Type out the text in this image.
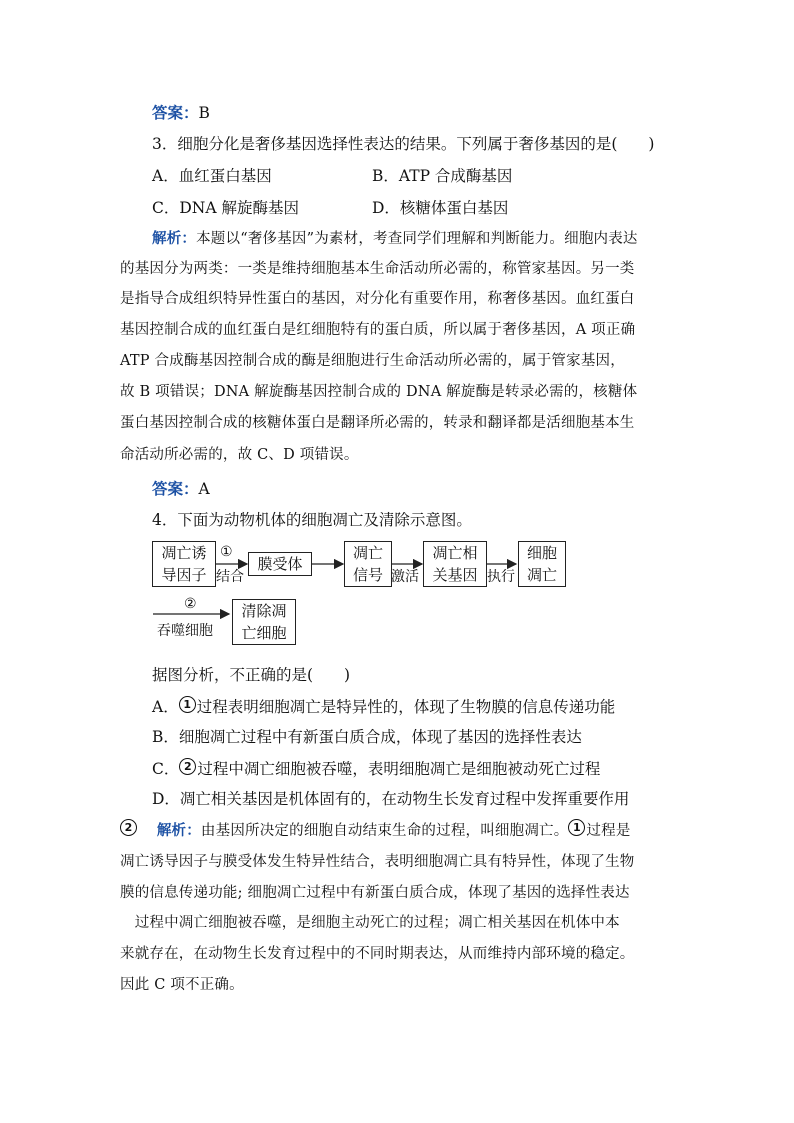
答案：B
3．细胞分化是奢侈基因选择性表达的结果。下列属于奢侈基因的是(　　)
A．血红蛋白基因	B．ATP 合成酶基因
C．DNA 解旋酶基因	D．核糖体蛋白基因
解析：本题以“奢侈基因”为素材，考查同学们理解和判断能力。细胞内表达
的基因分为两类：一类是维持细胞基本生命活动所必需的，称管家基因。另一类
是指导合成组织特异性蛋白的基因，对分化有重要作用，称奢侈基因。血红蛋白
基因控制合成的血红蛋白是红细胞特有的蛋白质，所以属于奢侈基因，A 项正确
ATP 合成酶基因控制合成的酶是细胞进行生命活动所必需的，属于管家基因，
故 B 项错误；DNA 解旋酶基因控制合成的 DNA 解旋酶是转录必需的，核糖体
蛋白基因控制合成的核糖体蛋白是翻译所必需的，转录和翻译都是活细胞基本生
命活动所必需的，故 C、D 项错误。
答案：A
4．下面为动物机体的细胞凋亡及清除示意图。
凋亡诱
导因子
①
结合
膜受体
凋亡
信号 激活
凋亡相
关基因 执行
细胞
凋亡
②
吞噬细胞
清除凋
亡细胞
据图分析，不正确的是(　　)
A． 1 过程表明细胞凋亡是特异性的，体现了生物膜的信息传递功能
B．细胞凋亡过程中有新蛋白质合成，体现了基因的选择性表达
C． 2 过程中凋亡细胞被吞噬，表明细胞凋亡是细胞被动死亡过程
D．凋亡相关基因是机体固有的，在动物生长发育过程中发挥重要作用
2 解析：由基因所决定的细胞自动结束生命的过程，叫细胞凋亡。 1 过程是
凋亡诱导因子与膜受体发生特异性结合，表明细胞凋亡具有特异性，体现了生物
膜的信息传递功能; 细胞凋亡过程中有新蛋白质合成，体现了基因的选择性表达
　过程中凋亡细胞被吞噬，是细胞主动死亡的过程；凋亡相关基因在机体中本
来就存在，在动物生长发育过程中的不同时期表达，从而维持内部环境的稳定。
因此 C 项不正确。
